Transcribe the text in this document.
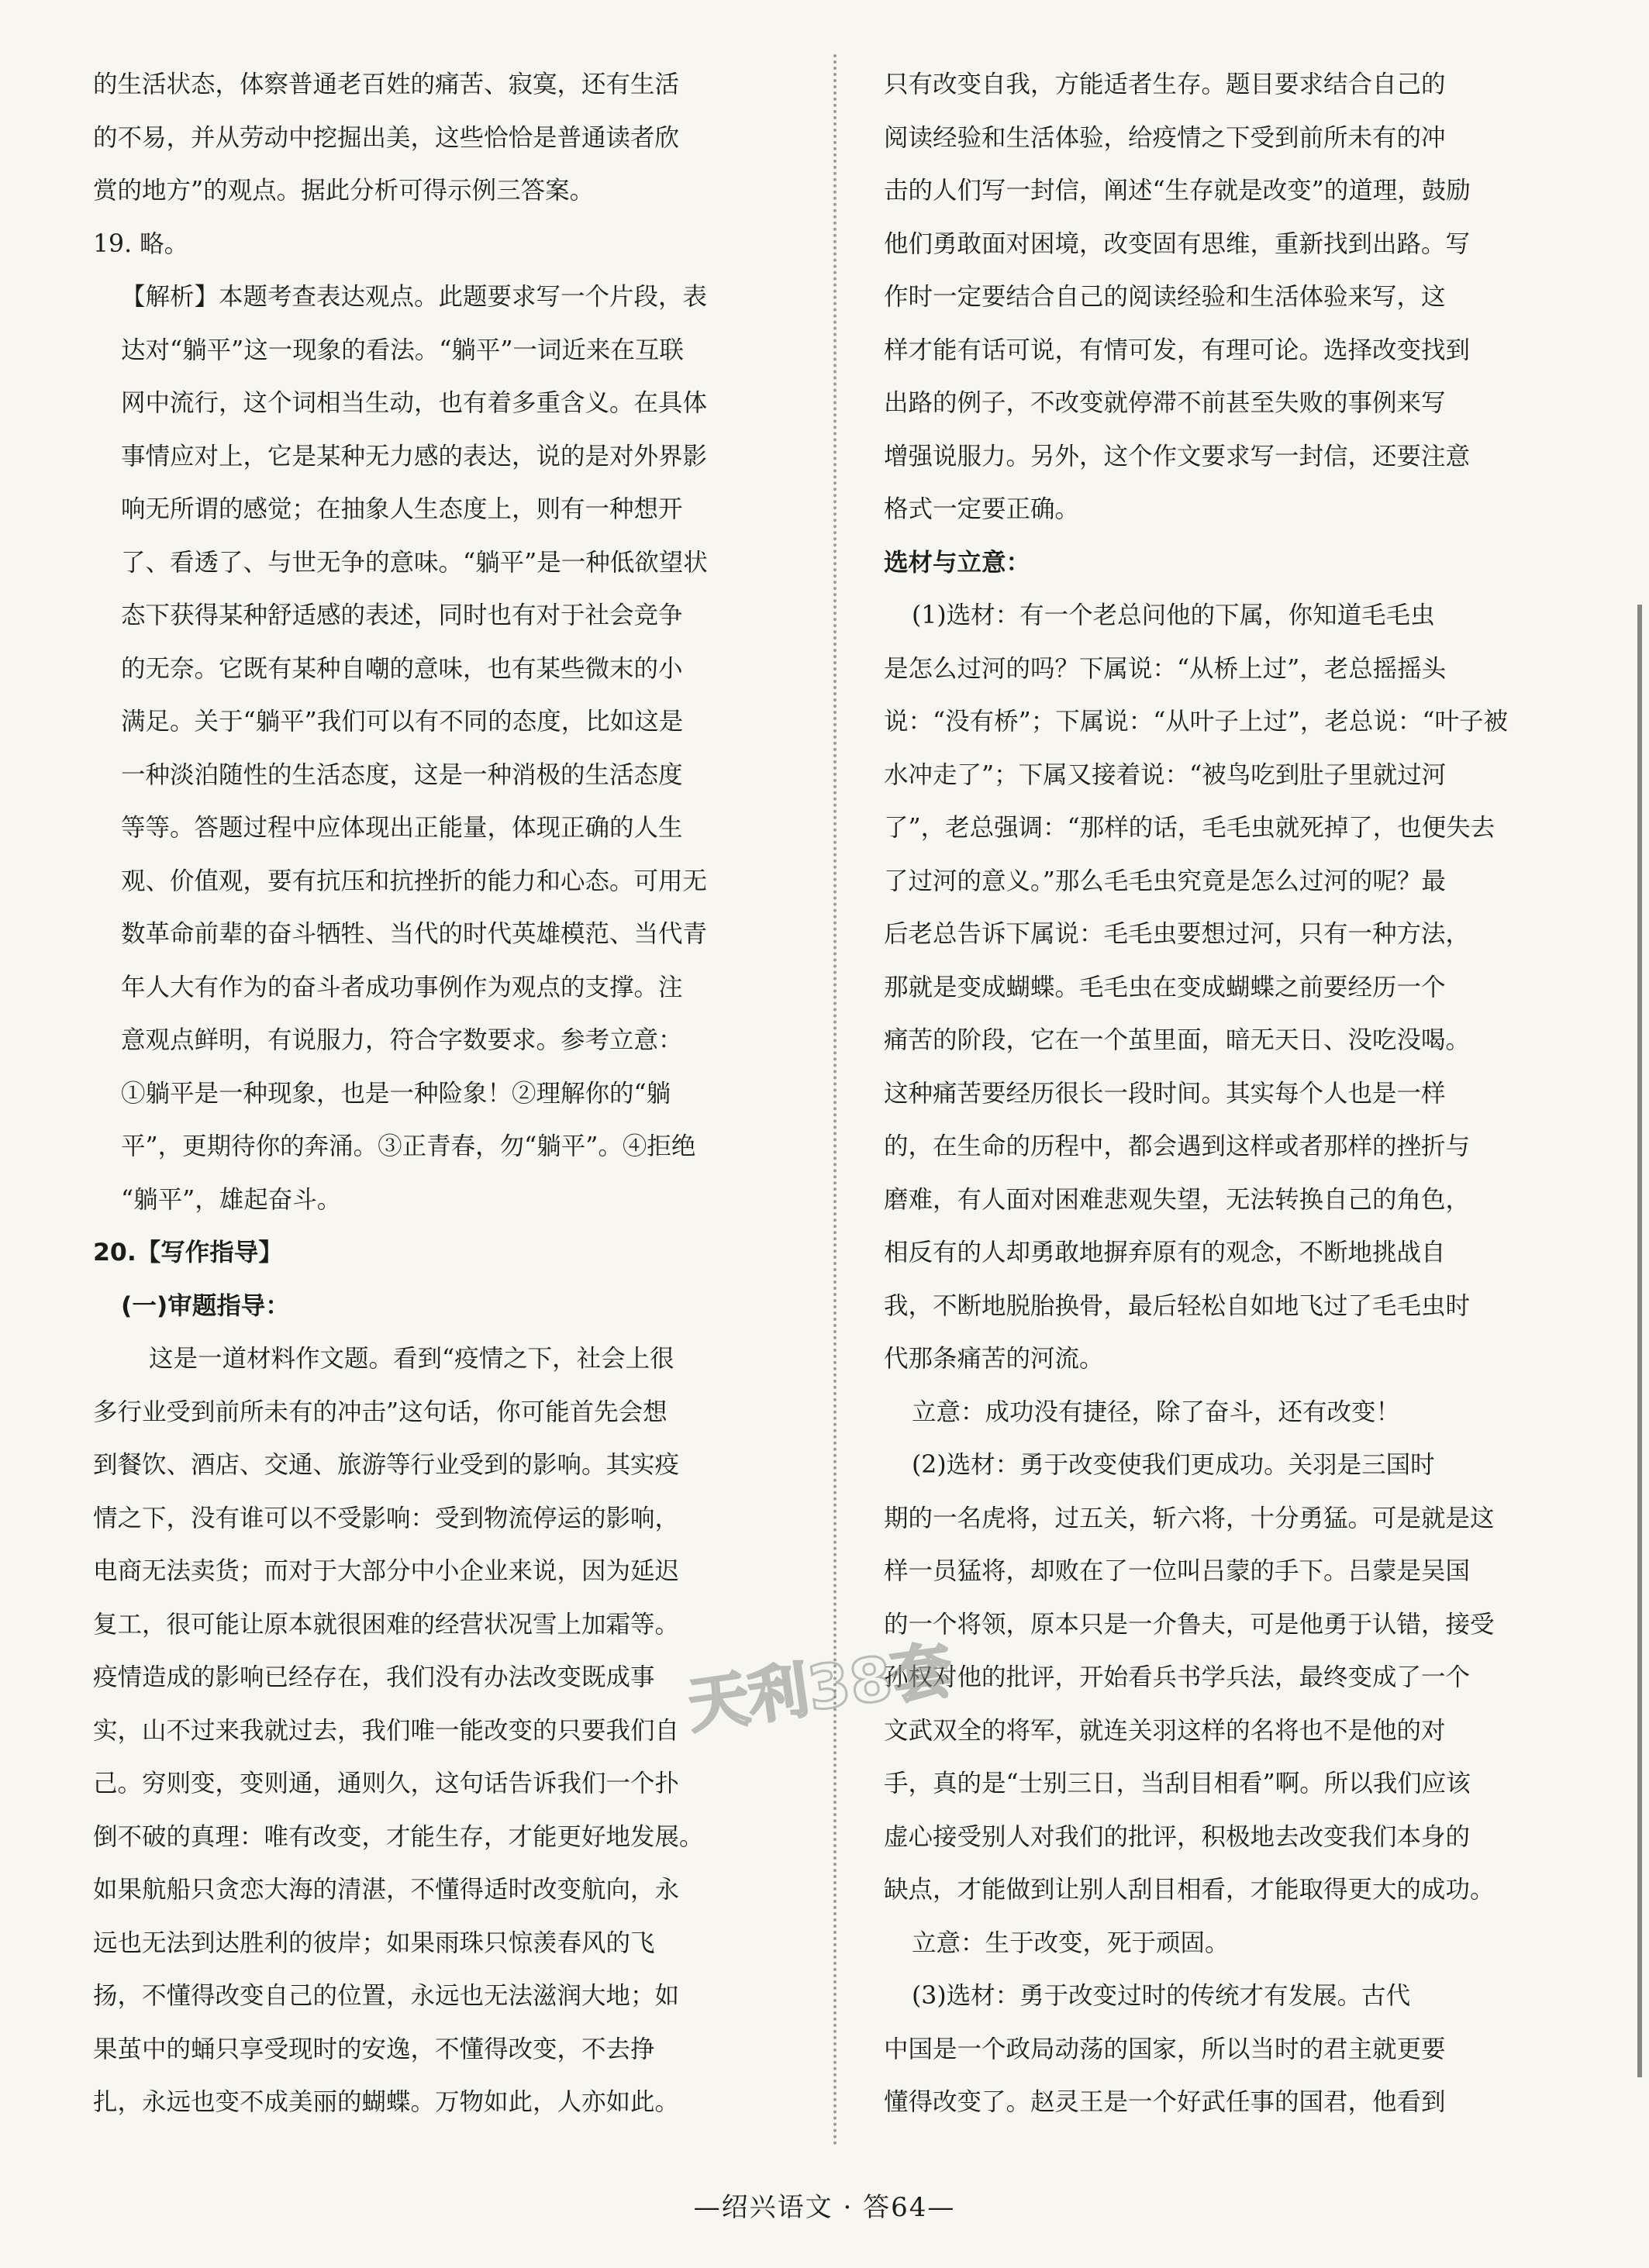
的生活状态，体察普通老百姓的痛苦、寂寞，还有生活
的不易，并从劳动中挖掘出美，这些恰恰是普通读者欣
赏的地方”的观点。据此分析可得示例三答案。
19. 略。
【解析】本题考查表达观点。此题要求写一个片段，表
达对“躺平”这一现象的看法。“躺平”一词近来在互联
网中流行，这个词相当生动，也有着多重含义。在具体
事情应对上，它是某种无力感的表达，说的是对外界影
响无所谓的感觉；在抽象人生态度上，则有一种想开
了、看透了、与世无争的意味。“躺平”是一种低欲望状
态下获得某种舒适感的表述，同时也有对于社会竞争
的无奈。它既有某种自嘲的意味，也有某些微末的小
满足。关于“躺平”我们可以有不同的态度，比如这是
一种淡泊随性的生活态度，这是一种消极的生活态度
等等。答题过程中应体现出正能量，体现正确的人生
观、价值观，要有抗压和抗挫折的能力和心态。可用无
数革命前辈的奋斗牺牲、当代的时代英雄模范、当代青
年人大有作为的奋斗者成功事例作为观点的支撑。注
意观点鲜明，有说服力，符合字数要求。参考立意：
①躺平是一种现象，也是一种险象！②理解你的“躺
平”，更期待你的奔涌。③正青春，勿“躺平”。④拒绝
“躺平”，雄起奋斗。
20.【写作指导】
(一)审题指导：
这是一道材料作文题。看到“疫情之下，社会上很
多行业受到前所未有的冲击”这句话，你可能首先会想
到餐饮、酒店、交通、旅游等行业受到的影响。其实疫
情之下，没有谁可以不受影响：受到物流停运的影响，
电商无法卖货；而对于大部分中小企业来说，因为延迟
复工，很可能让原本就很困难的经营状况雪上加霜等。
疫情造成的影响已经存在，我们没有办法改变既成事
实，山不过来我就过去，我们唯一能改变的只要我们自
己。穷则变，变则通，通则久，这句话告诉我们一个扑
倒不破的真理：唯有改变，才能生存，才能更好地发展。
如果航船只贪恋大海的清湛，不懂得适时改变航向，永
远也无法到达胜利的彼岸；如果雨珠只惊羡春风的飞
扬，不懂得改变自己的位置，永远也无法滋润大地；如
果茧中的蛹只享受现时的安逸，不懂得改变，不去挣
扎，永远也变不成美丽的蝴蝶。万物如此，人亦如此。
只有改变自我，方能适者生存。题目要求结合自己的
阅读经验和生活体验，给疫情之下受到前所未有的冲
击的人们写一封信，阐述“生存就是改变”的道理，鼓励
他们勇敢面对困境，改变固有思维，重新找到出路。写
作时一定要结合自己的阅读经验和生活体验来写，这
样才能有话可说，有情可发，有理可论。选择改变找到
出路的例子，不改变就停滞不前甚至失败的事例来写
增强说服力。另外，这个作文要求写一封信，还要注意
格式一定要正确。
选材与立意：
(1)选材：有一个老总问他的下属，你知道毛毛虫
是怎么过河的吗？下属说：“从桥上过”，老总摇摇头
说：“没有桥”；下属说：“从叶子上过”，老总说：“叶子被
水冲走了”；下属又接着说：“被鸟吃到肚子里就过河
了”，老总强调：“那样的话，毛毛虫就死掉了，也便失去
了过河的意义。”那么毛毛虫究竟是怎么过河的呢？最
后老总告诉下属说：毛毛虫要想过河，只有一种方法，
那就是变成蝴蝶。毛毛虫在变成蝴蝶之前要经历一个
痛苦的阶段，它在一个茧里面，暗无天日、没吃没喝。
这种痛苦要经历很长一段时间。其实每个人也是一样
的，在生命的历程中，都会遇到这样或者那样的挫折与
磨难，有人面对困难悲观失望，无法转换自己的角色，
相反有的人却勇敢地摒弃原有的观念，不断地挑战自
我，不断地脱胎换骨，最后轻松自如地飞过了毛毛虫时
代那条痛苦的河流。
立意：成功没有捷径，除了奋斗，还有改变！
(2)选材：勇于改变使我们更成功。关羽是三国时
期的一名虎将，过五关，斩六将，十分勇猛。可是就是这
样一员猛将，却败在了一位叫吕蒙的手下。吕蒙是吴国
的一个将领，原本只是一介鲁夫，可是他勇于认错，接受
孙权对他的批评，开始看兵书学兵法，最终变成了一个
文武双全的将军，就连关羽这样的名将也不是他的对
手，真的是“士别三日，当刮目相看”啊。所以我们应该
虚心接受别人对我们的批评，积极地去改变我们本身的
缺点，才能做到让别人刮目相看，才能取得更大的成功。
立意：生于改变，死于顽固。
(3)选材：勇于改变过时的传统才有发展。古代
中国是一个政局动荡的国家，所以当时的君主就更要
懂得改变了。赵灵王是一个好武任事的国君，他看到
天利38套
—绍兴语文 · 答64—
